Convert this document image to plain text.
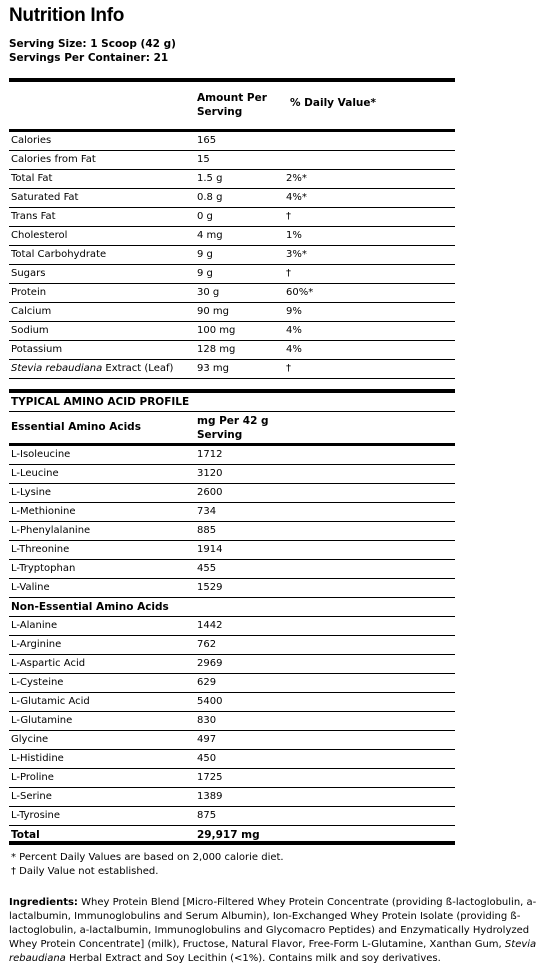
Nutrition Info
Serving Size: 1 Scoop (42 g)
Servings Per Container: 21
Amount Per Serving
% Daily Value*
Calories	165
Calories from Fat	15
Total Fat	1.5 g	2%*
Saturated Fat	0.8 g	4%*
Trans Fat	0 g	†
Cholesterol	4 mg	1%
Total Carbohydrate	9 g	3%*
Sugars	9 g	†
Protein	30 g	60%*
Calcium	90 mg	9%
Sodium	100 mg	4%
Potassium	128 mg	4%
Stevia rebaudiana Extract (Leaf) 93 mg	†
TYPICAL AMINO ACID PROFILE
Essential Amino Acids	mg Per 42 g Serving
L-Isoleucine	1712
L-Leucine	3120
L-Lysine	2600
L-Methionine	734
L-Phenylalanine	885
L-Threonine	1914
L-Tryptophan	455
L-Valine	1529
Non-Essential Amino Acids
L-Alanine	1442
L-Arginine	762
L-Aspartic Acid	2969
L-Cysteine	629
L-Glutamic Acid	5400
L-Glutamine	830
Glycine	497
L-Histidine	450
L-Proline	1725
L-Serine	1389
L-Tyrosine	875
Total	29,917 mg
* Percent Daily Values are based on 2,000 calorie diet.
† Daily Value not established.
Ingredients: Whey Protein Blend [Micro-Filtered Whey Protein Concentrate (providing ß-lactoglobulin, a-lactalbumin, Immunoglobulins and Serum Albumin), Ion-Exchanged Whey Protein Isolate (providing ß-lactoglobulin, a-lactalbumin, Immunoglobulins and Glycomacro Peptides) and Enzymatically Hydrolyzed Whey Protein Concentrate] (milk), Fructose, Natural Flavor, Free-Form L-Glutamine, Xanthan Gum, Stevia rebaudiana Herbal Extract and Soy Lecithin (<1%). Contains milk and soy derivatives.
